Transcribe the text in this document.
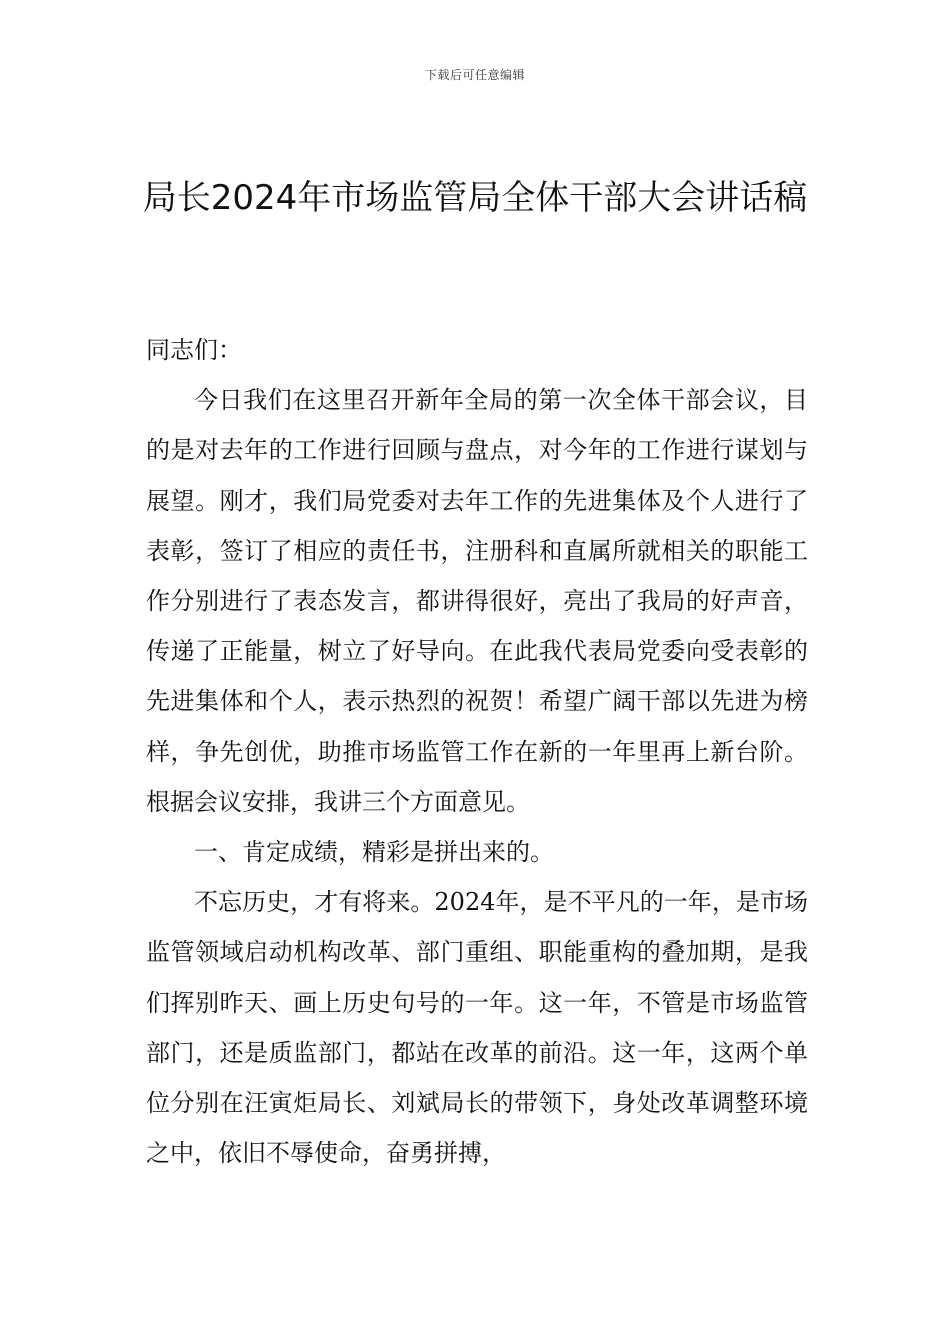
下载后可任意编辑
局长2024年市场监管局全体干部大会讲话稿

同志们：

今日我们在这里召开新年全局的第一次全体干部会议，目的是对去年的工作进行回顾与盘点，对今年的工作进行谋划与展望。刚才，我们局党委对去年工作的先进集体及个人进行了表彰，签订了相应的责任书，注册科和直属所就相关的职能工作分别进行了表态发言，都讲得很好，亮出了我局的好声音，传递了正能量，树立了好导向。在此我代表局党委向受表彰的先进集体和个人，表示热烈的祝贺！希望广阔干部以先进为榜样，争先创优，助推市场监管工作在新的一年里再上新台阶。根据会议安排，我讲三个方面意见。

一、肯定成绩，精彩是拼出来的。

不忘历史，才有将来。2024年，是不平凡的一年，是市场监管领域启动机构改革、部门重组、职能重构的叠加期，是我们挥别昨天、画上历史句号的一年。这一年，不管是市场监管部门，还是质监部门，都站在改革的前沿。这一年，这两个单位分别在汪寅炬局长、刘斌局长的带领下，身处改革调整环境之中，依旧不辱使命，奋勇拼搏，
